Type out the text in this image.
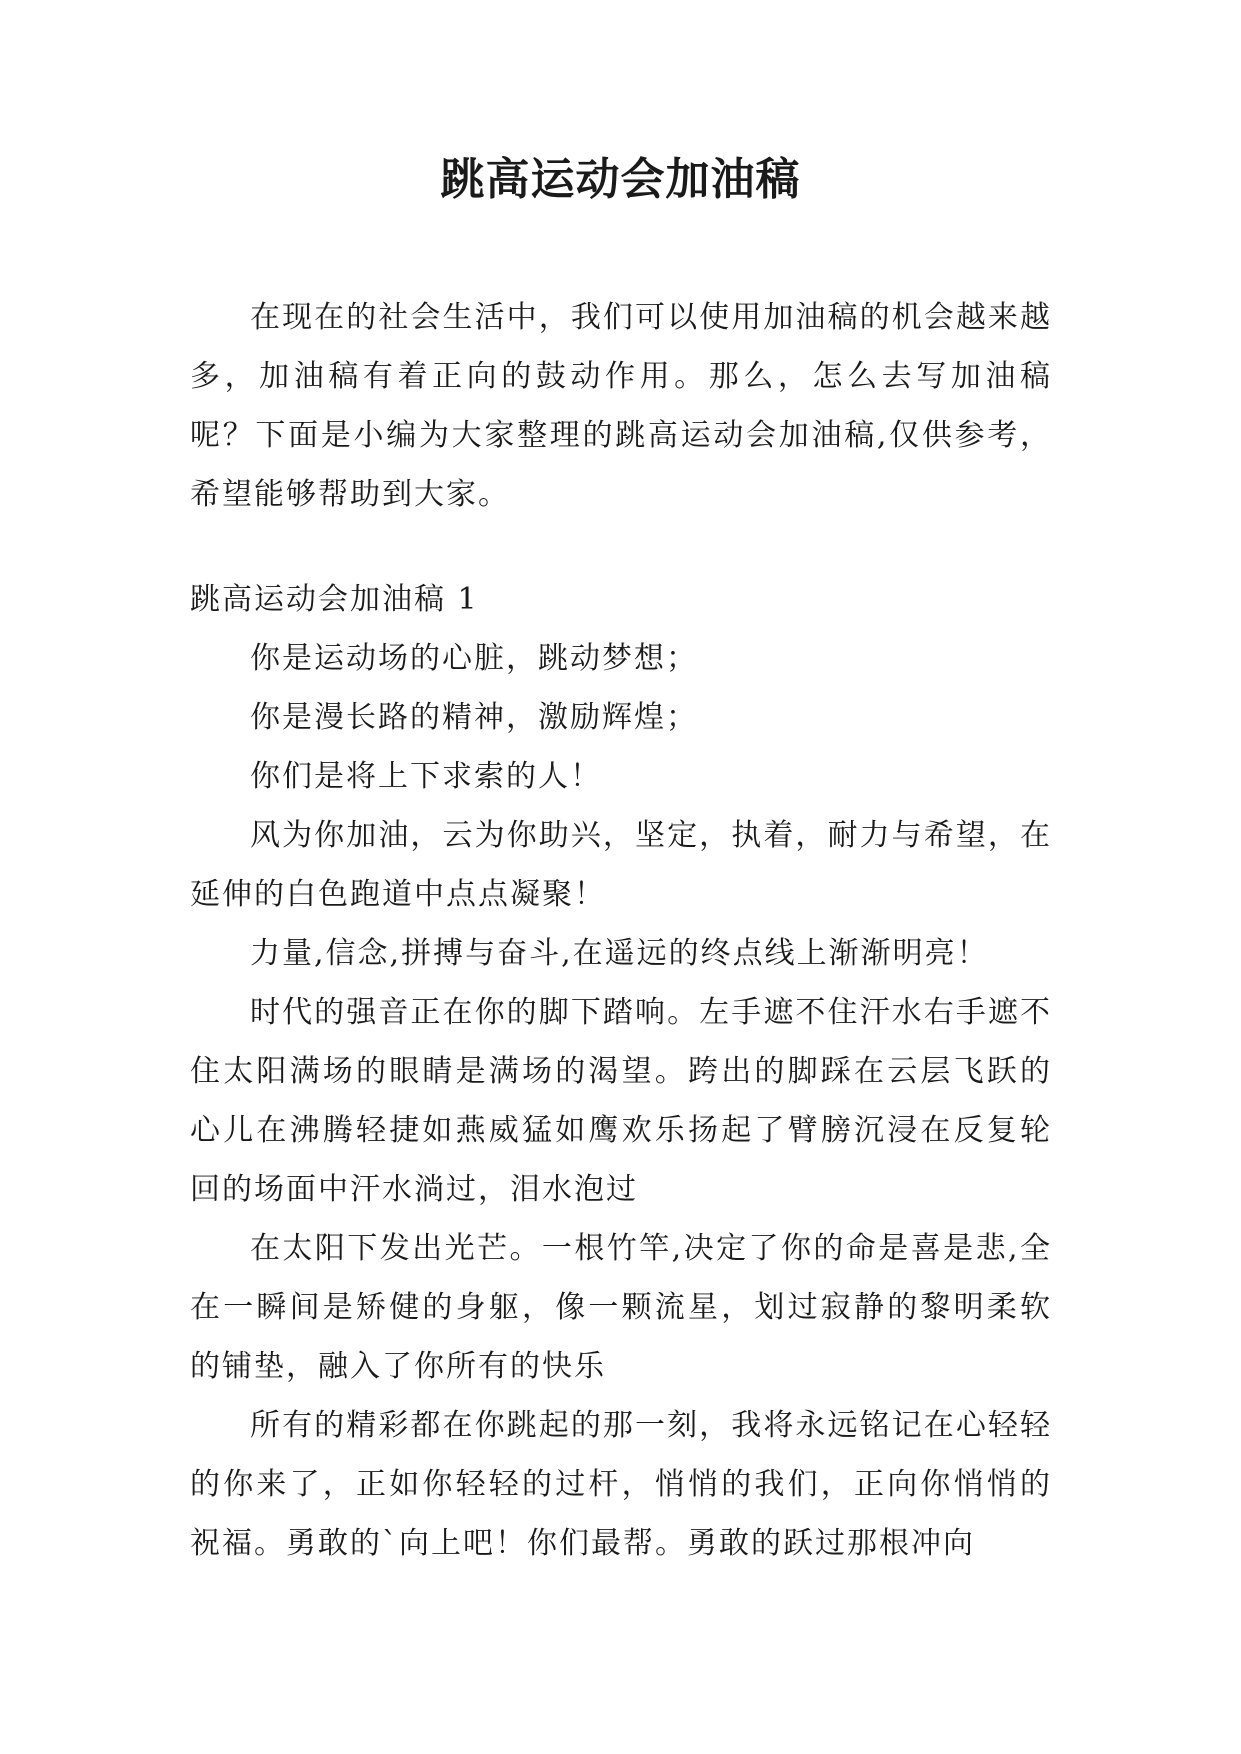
跳高运动会加油稿

在现在的社会生活中，我们可以使用加油稿的机会越来越多，加油稿有着正向的鼓动作用。那么，怎么去写加油稿呢？下面是小编为大家整理的跳高运动会加油稿,仅供参考，希望能够帮助到大家。

跳高运动会加油稿 1

你是运动场的心脏，跳动梦想；

你是漫长路的精神，激励辉煌；

你们是将上下求索的人！

风为你加油，云为你助兴，坚定，执着，耐力与希望，在延伸的白色跑道中点点凝聚！

力量,信念,拼搏与奋斗,在遥远的终点线上渐渐明亮！

时代的强音正在你的脚下踏响。左手遮不住汗水右手遮不住太阳满场的眼睛是满场的渴望。跨出的脚踩在云层飞跃的心儿在沸腾轻捷如燕威猛如鹰欢乐扬起了臂膀沉浸在反复轮回的场面中汗水淌过，泪水泡过

在太阳下发出光芒。一根竹竿,决定了你的命是喜是悲,全在一瞬间是矫健的身躯，像一颗流星，划过寂静的黎明柔软的铺垫，融入了你所有的快乐

所有的精彩都在你跳起的那一刻，我将永远铭记在心轻轻的你来了，正如你轻轻的过杆，悄悄的我们，正向你悄悄的祝福。勇敢的`向上吧！你们最帮。勇敢的跃过那根冲向
